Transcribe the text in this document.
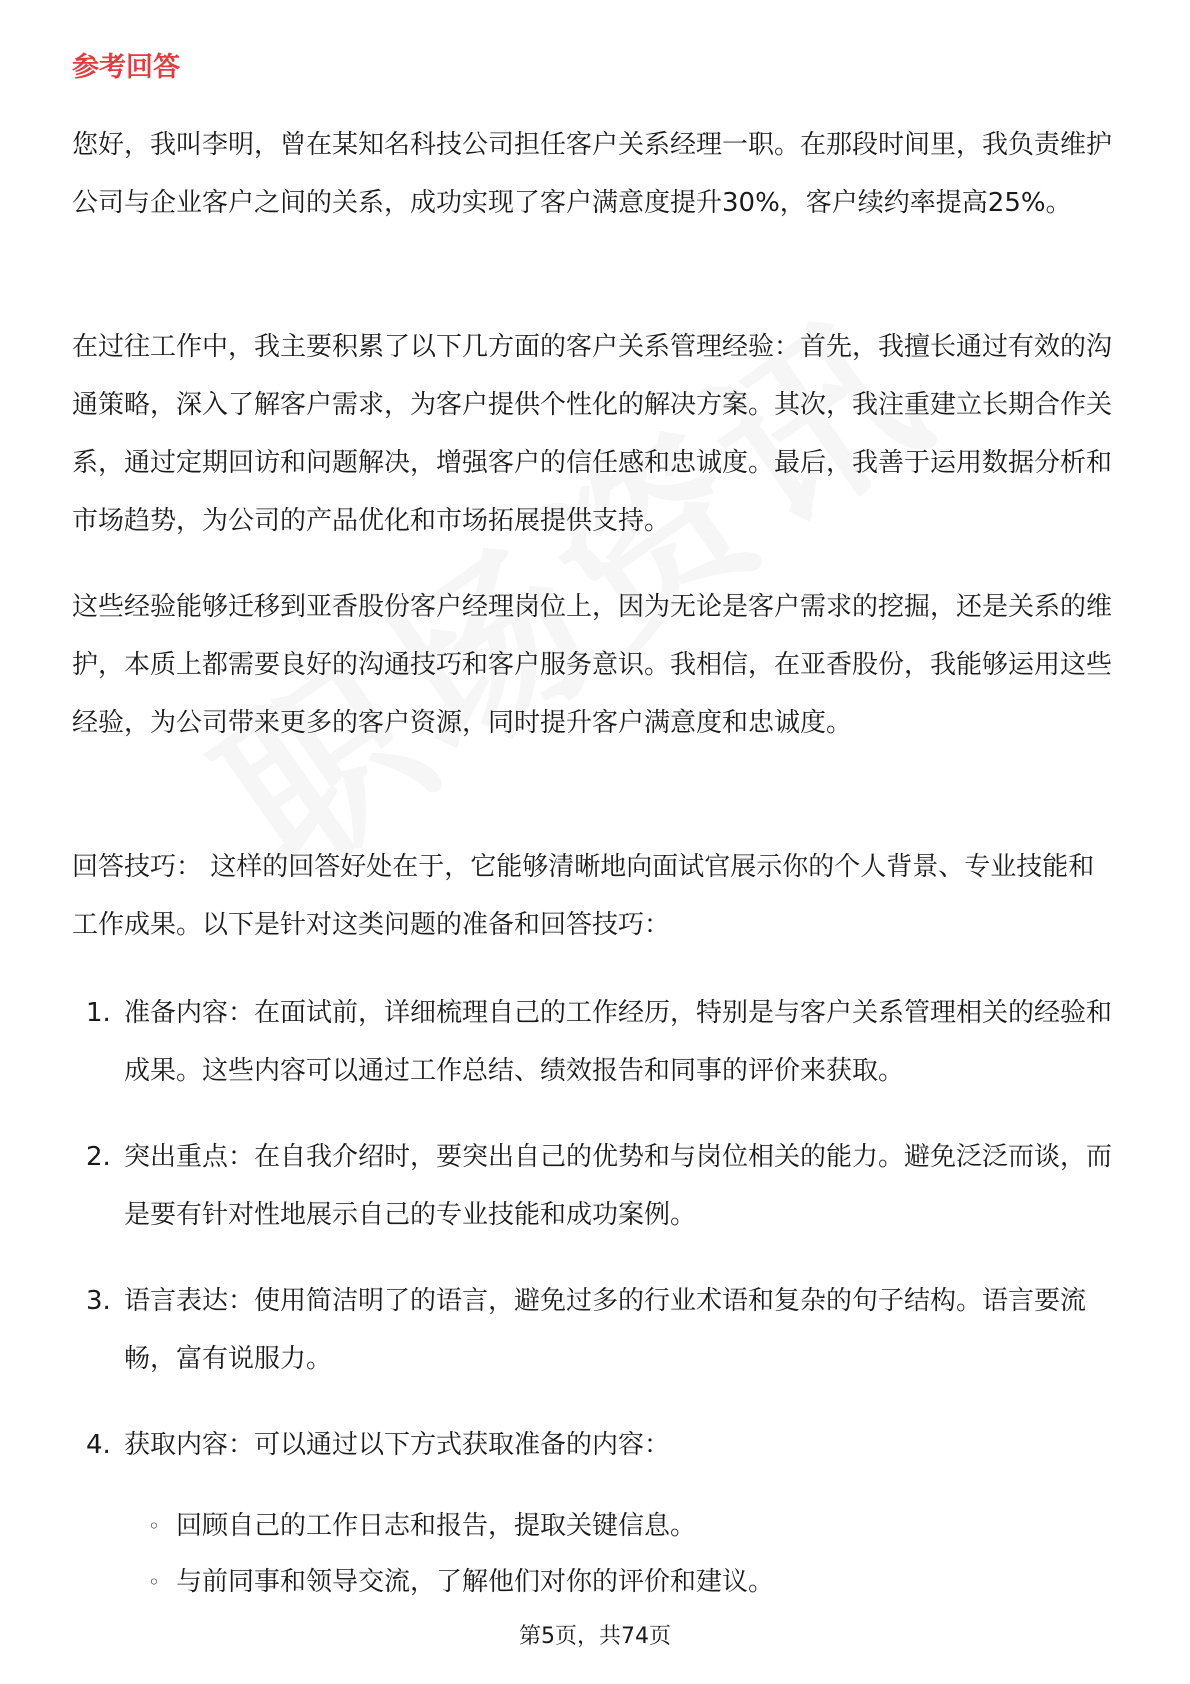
参考回答

您好，我叫李明，曾在某知名科技公司担任客户关系经理一职。在那段时间里，我负责维护公司与企业客户之间的关系，成功实现了客户满意度提升30%，客户续约率提高25%。

在过往工作中，我主要积累了以下几方面的客户关系管理经验：首先，我擅长通过有效的沟通策略，深入了解客户需求，为客户提供个性化的解决方案。其次，我注重建立长期合作关系，通过定期回访和问题解决，增强客户的信任感和忠诚度。最后，我善于运用数据分析和市场趋势，为公司的产品优化和市场拓展提供支持。

这些经验能够迁移到亚香股份客户经理岗位上，因为无论是客户需求的挖掘，还是关系的维护，本质上都需要良好的沟通技巧和客户服务意识。我相信，在亚香股份，我能够运用这些经验，为公司带来更多的客户资源，同时提升客户满意度和忠诚度。

回答技巧： 这样的回答好处在于，它能够清晰地向面试官展示你的个人背景、专业技能和工作成果。以下是针对这类问题的准备和回答技巧：

1. 准备内容：在面试前，详细梳理自己的工作经历，特别是与客户关系管理相关的经验和成果。这些内容可以通过工作总结、绩效报告和同事的评价来获取。
2. 突出重点：在自我介绍时，要突出自己的优势和与岗位相关的能力。避免泛泛而谈，而是要有针对性地展示自己的专业技能和成功案例。
3. 语言表达：使用简洁明了的语言，避免过多的行业术语和复杂的句子结构。语言要流畅，富有说服力。
4. 获取内容：可以通过以下方式获取准备的内容：
◦ 回顾自己的工作日志和报告，提取关键信息。
◦ 与前同事和领导交流，了解他们对你的评价和建议。
第5页，共74页
